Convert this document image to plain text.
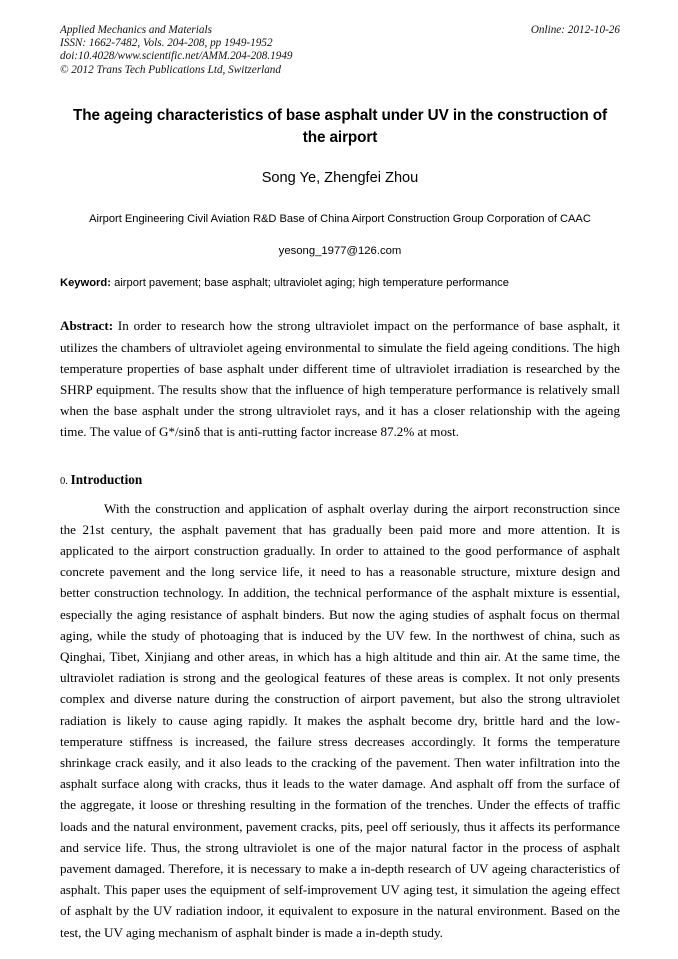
Applied Mechanics and Materials	Online: 2012-10-26
ISSN: 1662-7482, Vols. 204-208, pp 1949-1952
doi:10.4028/www.scientific.net/AMM.204-208.1949
© 2012 Trans Tech Publications Ltd, Switzerland
The ageing characteristics of base asphalt under UV in the construction of the airport
Song Ye, Zhengfei Zhou
Airport Engineering Civil Aviation R&D Base of China Airport Construction Group Corporation of CAAC
yesong_1977@126.com
Keyword: airport pavement; base asphalt; ultraviolet aging; high temperature performance
Abstract: In order to research how the strong ultraviolet impact on the performance of base asphalt, it utilizes the chambers of ultraviolet ageing environmental to simulate the field ageing conditions. The high temperature properties of base asphalt under different time of ultraviolet irradiation is researched by the SHRP equipment. The results show that the influence of high temperature performance is relatively small when the base asphalt under the strong ultraviolet rays, and it has a closer relationship with the ageing time. The value of G*/sinδ that is anti-rutting factor increase 87.2% at most.
0. Introduction

With the construction and application of asphalt overlay during the airport reconstruction since the 21st century, the asphalt pavement that has gradually been paid more and more attention. It is applicated to the airport construction gradually. In order to attained to the good performance of asphalt concrete pavement and the long service life, it need to has a reasonable structure, mixture design and better construction technology. In addition, the technical performance of the asphalt mixture is essential, especially the aging resistance of asphalt binders. But now the aging studies of asphalt focus on thermal aging, while the study of photoaging that is induced by the UV few. In the northwest of china, such as Qinghai, Tibet, Xinjiang and other areas, in which has a high altitude and thin air. At the same time, the ultraviolet radiation is strong and the geological features of these areas is complex. It not only presents complex and diverse nature during the construction of airport pavement, but also the strong ultraviolet radiation is likely to cause aging rapidly. It makes the asphalt become dry, brittle hard and the low-temperature stiffness is increased, the failure stress decreases accordingly. It forms the temperature shrinkage crack easily, and it also leads to the cracking of the pavement. Then water infiltration into the asphalt surface along with cracks, thus it leads to the water damage. And asphalt off from the surface of the aggregate, it loose or threshing resulting in the formation of the trenches. Under the effects of traffic loads and the natural environment, pavement cracks, pits, peel off seriously, thus it affects its performance and service life. Thus, the strong ultraviolet is one of the major natural factor in the process of asphalt pavement damaged. Therefore, it is necessary to make a in-depth research of UV ageing characteristics of asphalt. This paper uses the equipment of self-improvement UV aging test, it simulation the ageing effect of asphalt by the UV radiation indoor, it equivalent to exposure in the natural environment. Based on the test, the UV aging mechanism of asphalt binder is made a in-depth study.
